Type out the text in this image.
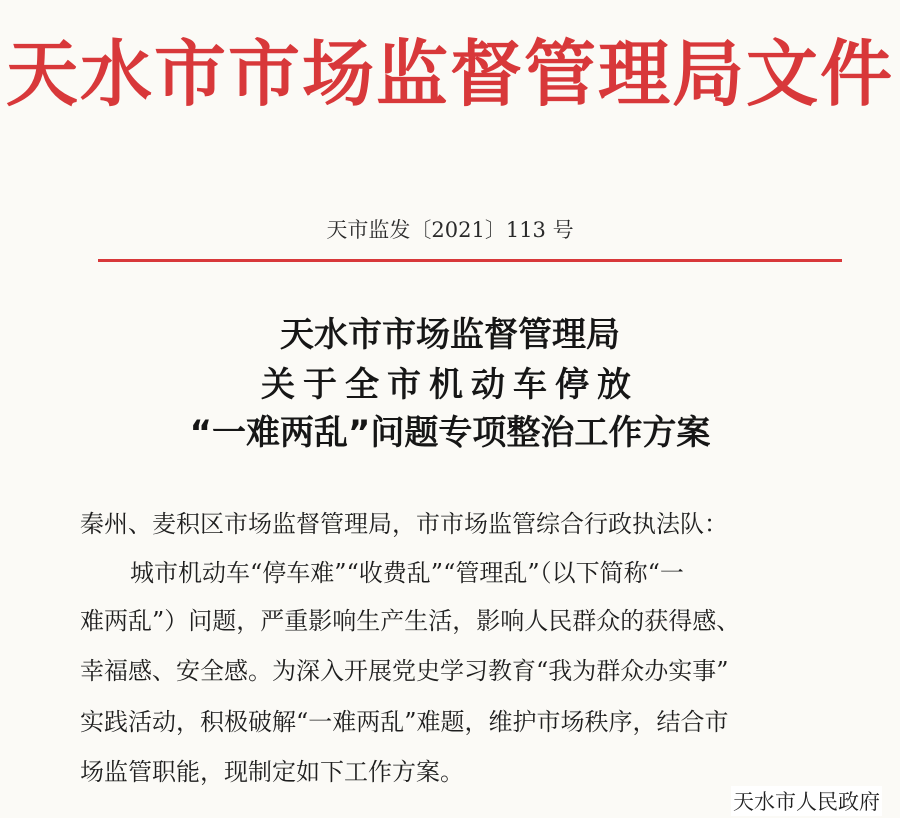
天水市市场监督管理局文件
天市监发〔2021〕113 号
天水市市场监督管理局
关于全市机动车停放
“一难两乱”问题专项整治工作方案
秦州、麦积区市场监督管理局，市市场监管综合行政执法队：
城市机动车“停车难”“收费乱”“管理乱”（以下简称“一
难两乱”）问题，严重影响生产生活，影响人民群众的获得感、
幸福感、安全感。为深入开展党史学习教育“我为群众办实事”
实践活动，积极破解“一难两乱”难题，维护市场秩序，结合市
场监管职能，现制定如下工作方案。
天水市人民政府
